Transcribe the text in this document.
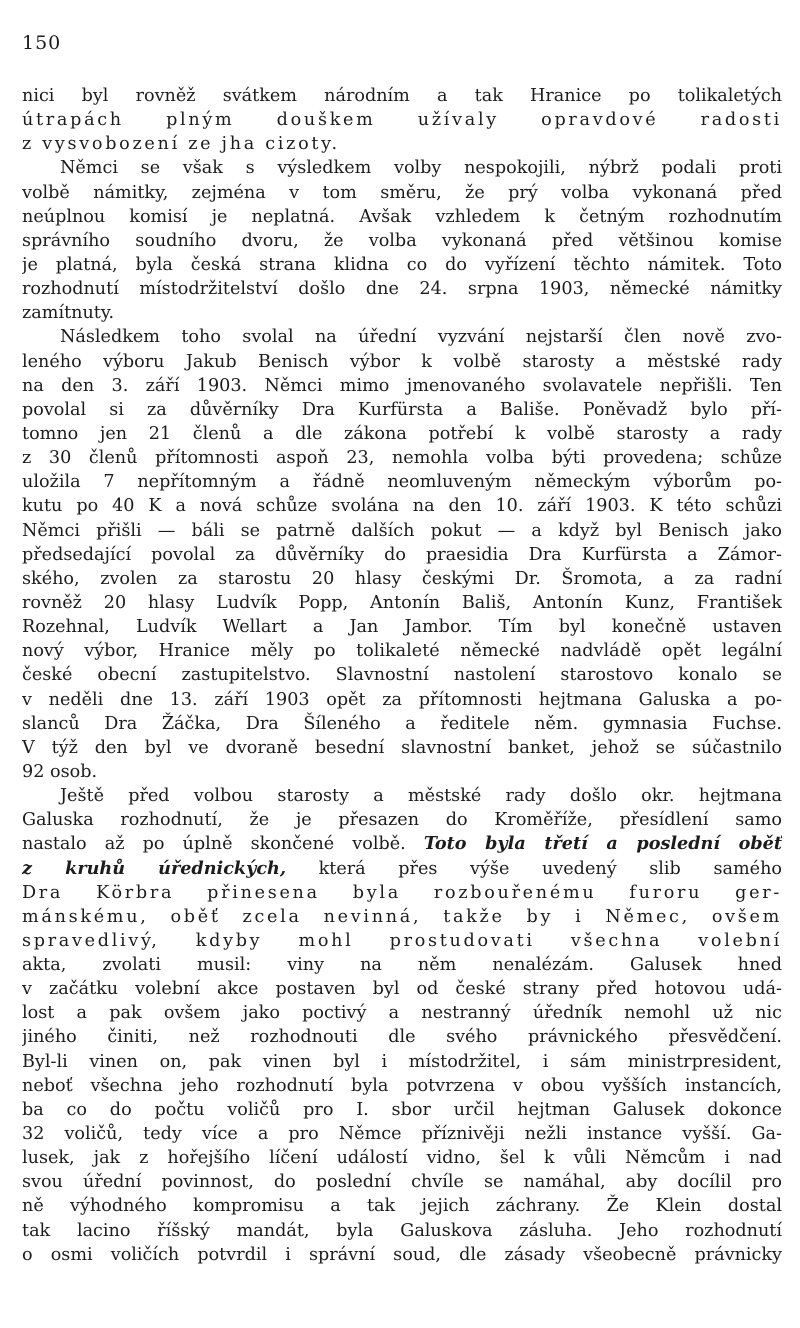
150
nici byl rovněž svátkem národním a tak Hranice po tolikaletých
útrapách plným douškem užívaly opravdové radosti
z vysvobození ze jha cizoty.
Němci se však s výsledkem volby nespokojili, nýbrž podali proti
volbě námitky, zejména v tom směru, že prý volba vykonaná před
neúplnou komisí je neplatná. Avšak vzhledem k četným rozhodnutím
správního soudního dvoru, že volba vykonaná před většinou komise
je platná, byla česká strana klidna co do vyřízení těchto námitek. Toto
rozhodnutí místodržitelství došlo dne 24. srpna 1903, německé námitky
zamítnuty.
Následkem toho svolal na úřední vyzvání nejstarší člen nově zvo-
leného výboru Jakub Benisch výbor k volbě starosty a městské rady
na den 3. září 1903. Němci mimo jmenovaného svolavatele nepřišli. Ten
povolal si za důvěrníky Dra Kurfürsta a Bališe. Poněvadž bylo pří-
tomno jen 21 členů a dle zákona potřebí k volbě starosty a rady
z 30 členů přítomnosti aspoň 23, nemohla volba býti provedena; schůze
uložila 7 nepřítomným a řádně neomluveným německým výborům po-
kutu po 40 K a nová schůze svolána na den 10. září 1903. K této schůzi
Němci přišli — báli se patrně dalších pokut — a když byl Benisch jako
předsedající povolal za důvěrníky do praesidia Dra Kurfürsta a Zámor-
ského, zvolen za starostu 20 hlasy českými Dr. Šromota, a za radní
rovněž 20 hlasy Ludvík Popp, Antonín Bališ, Antonín Kunz, František
Rozehnal, Ludvík Wellart a Jan Jambor. Tím byl konečně ustaven
nový výbor, Hranice měly po tolikaleté německé nadvládě opět legální
české obecní zastupitelstvo. Slavnostní nastolení starostovo konalo se
v neděli dne 13. září 1903 opět za přítomnosti hejtmana Galuska a po-
slanců Dra Žáčka, Dra Šíleného a ředitele něm. gymnasia Fuchse.
V týž den byl ve dvoraně besední slavnostní banket, jehož se súčastnilo
92 osob.
Ještě před volbou starosty a městské rady došlo okr. hejtmana
Galuska rozhodnutí, že je přesazen do Kroměříže, přesídlení samo
nastalo až po úplně skončené volbě. Toto byla třetí a poslední oběť
z kruhů úřednických, která přes výše uvedený slib samého
Dra Körbra přinesena byla rozbouřenému furoru ger-
mánskému, oběť zcela nevinná, takže by i Němec, ovšem
spravedlivý, kdyby mohl prostudovati všechna volební
akta, zvolati musil: viny na něm nenalézám. Galusek hned
v začátku volební akce postaven byl od české strany před hotovou udá-
lost a pak ovšem jako poctivý a nestranný úředník nemohl už nic
jiného činiti, než rozhodnouti dle svého právnického přesvědčení.
Byl-li vinen on, pak vinen byl i místodržitel, i sám ministrpresident,
neboť všechna jeho rozhodnutí byla potvrzena v obou vyšších instancích,
ba co do počtu voličů pro I. sbor určil hejtman Galusek dokonce
32 voličů, tedy více a pro Němce příznivěji nežli instance vyšší. Ga-
lusek, jak z hořejšího líčení událostí vidno, šel k vůli Němcům i nad
svou úřední povinnost, do poslední chvíle se namáhal, aby docílil pro
ně výhodného kompromisu a tak jejich záchrany. Že Klein dostal
tak lacino říšský mandát, byla Galuskova zásluha. Jeho rozhodnutí
o osmi voličích potvrdil i správní soud, dle zásady všeobecně právnicky
